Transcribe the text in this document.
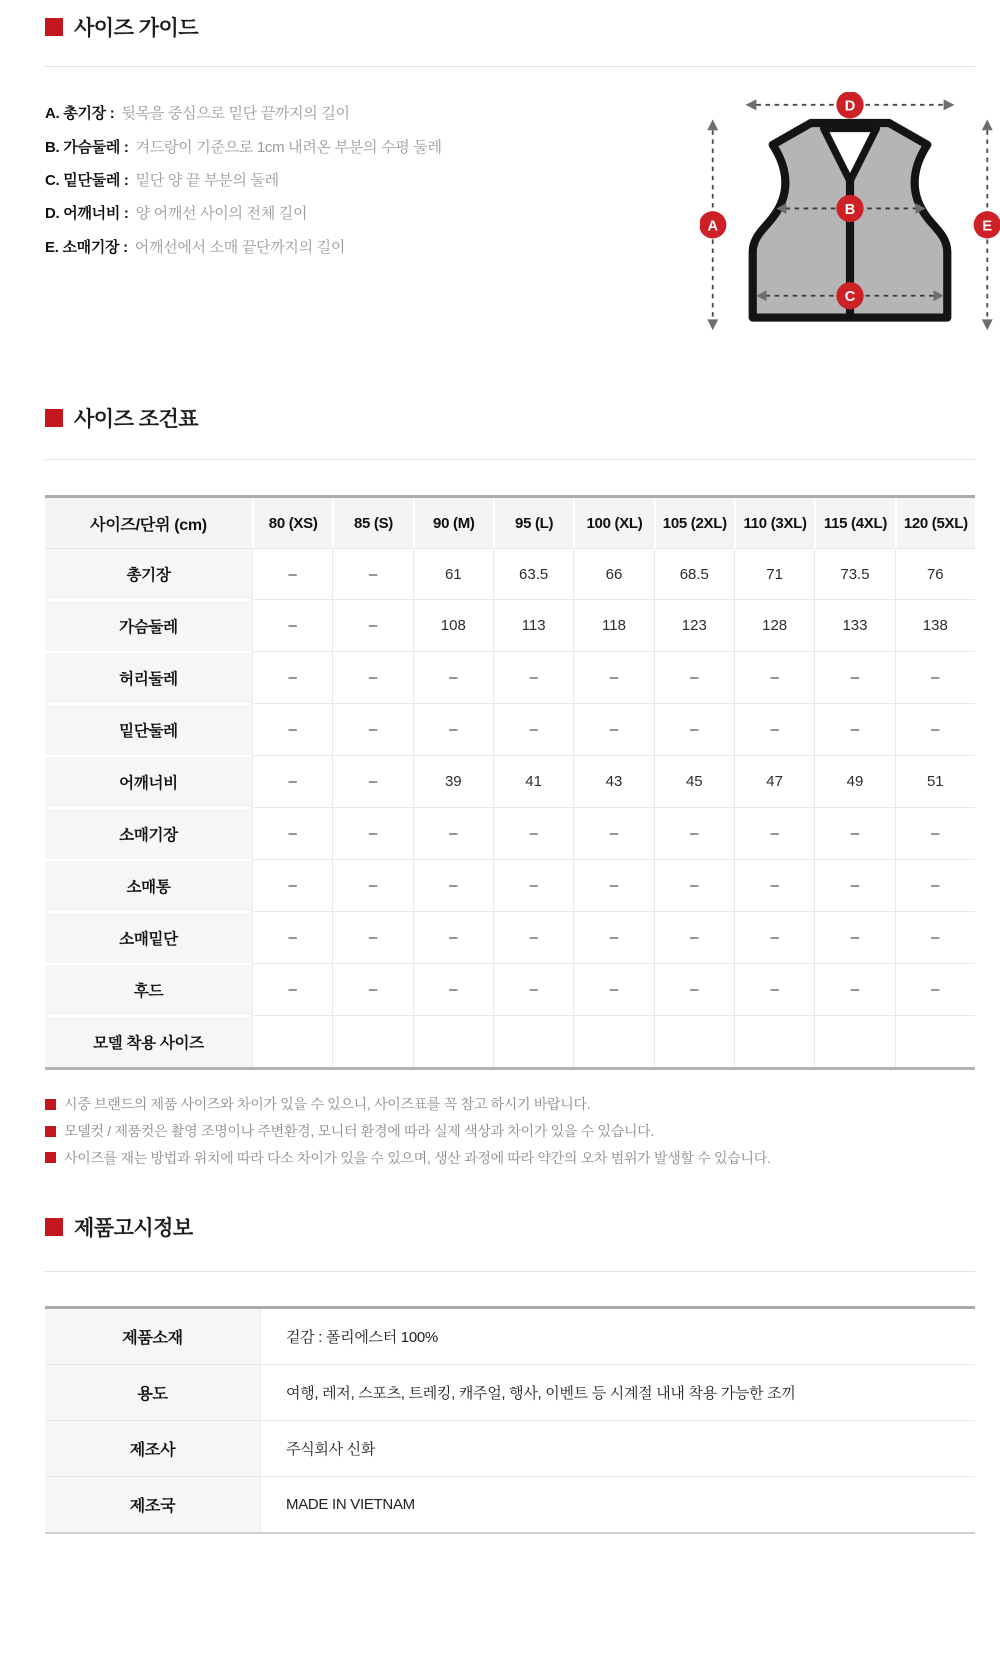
사이즈 가이드
A. 총기장 : 뒷목을 중심으로 밑단 끝까지의 길이
B. 가슴둘레 : 겨드랑이 기준으로 1cm 내려온 부분의 수평 둘레
C. 밑단둘레 : 밑단 양 끝 부분의 둘레
D. 어깨너비 : 양 어깨선 사이의 전체 길이
E. 소매기장 : 어깨선에서 소매 끝단까지의 길이
D
A	E
B
C
사이즈 조건표
사이즈/단위 (cm)	80 (XS)	85 (S)	90 (M)	95 (L)	100 (XL)	105 (2XL)	110 (3XL)	115 (4XL)	120 (5XL)
총기장	–	–	61	63.5	66	68.5	71	73.5	76
가슴둘레	–	–	108	113	118	123	128	133	138
허리둘레	–	–	–	–	–	–	–	–	–
밑단둘레	–	–	–	–	–	–	–	–	–
어깨너비	–	–	39	41	43	45	47	49	51
소매기장	–	–	–	–	–	–	–	–	–
소매통	–	–	–	–	–	–	–	–	–
소매밑단	–	–	–	–	–	–	–	–	–
후드	–	–	–	–	–	–	–	–	–
모델 착용 사이즈									
시중 브랜드의 제품 사이즈와 차이가 있을 수 있으니, 사이즈표를 꼭 참고 하시기 바랍니다.
모델컷 / 제품컷은 촬영 조명이나 주변환경, 모니터 환경에 따라 실제 색상과 차이가 있을 수 있습니다.
사이즈를 재는 방법과 위치에 따라 다소 차이가 있을 수 있으며, 생산 과정에 따라 약간의 오차 범위가 발생할 수 있습니다.
제품고시정보
제품소재	겉감 : 폴리에스터 100%
용도	여행, 레저, 스포츠, 트레킹, 캐주얼, 행사, 이벤트 등 시계절 내내 착용 가능한 조끼
제조사	주식회사 신화
제조국	MADE IN VIETNAM
